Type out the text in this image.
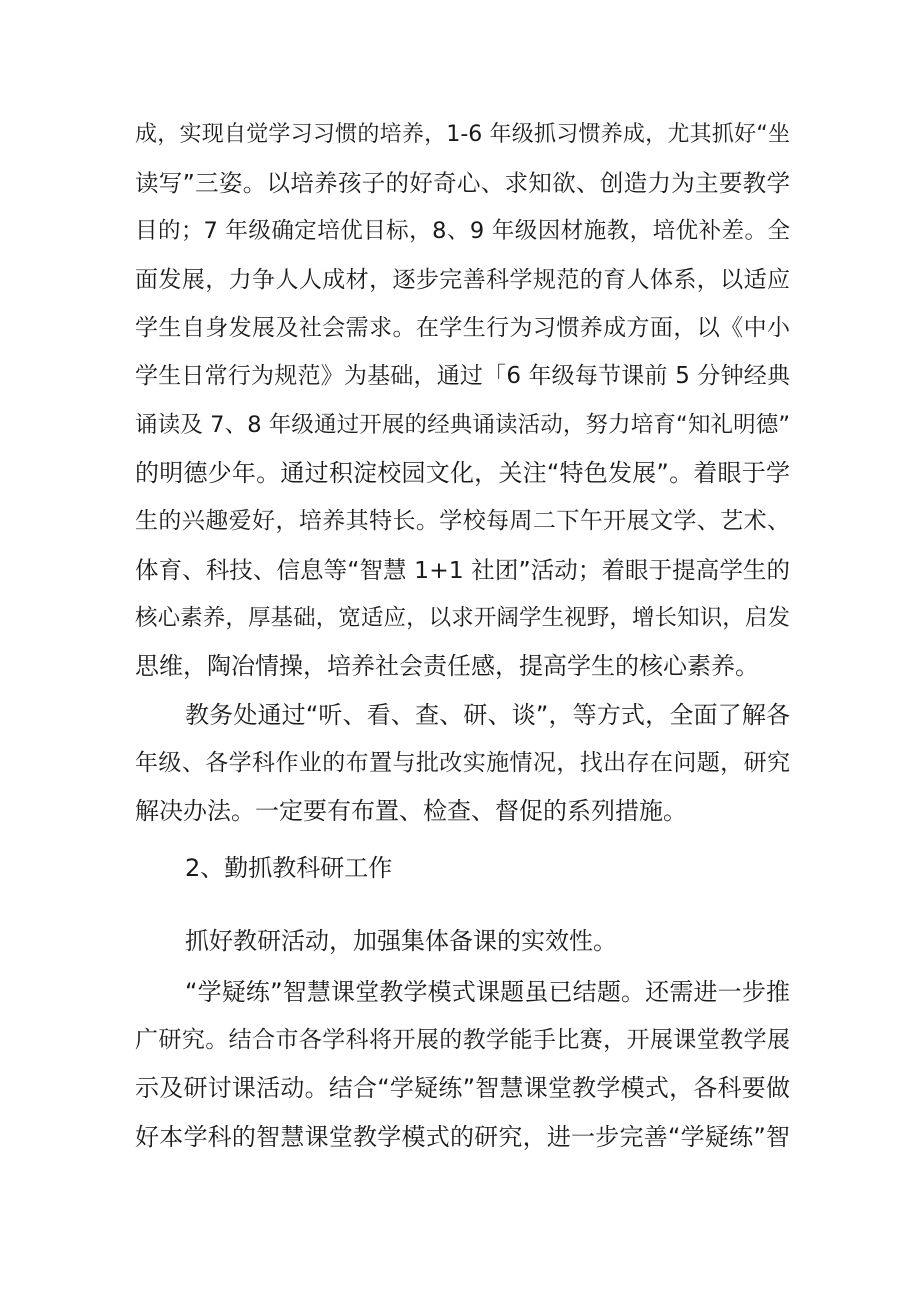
成，实现自觉学习习惯的培养，1-6 年级抓习惯养成，尤其抓好“坐
读写”三姿。以培养孩子的好奇心、求知欲、创造力为主要教学
目的；7 年级确定培优目标，8、9 年级因材施教，培优补差。全
面发展，力争人人成材，逐步完善科学规范的育人体系，以适应
学生自身发展及社会需求。在学生行为习惯养成方面，以《中小
学生日常行为规范》为基础，通过「6 年级每节课前 5 分钟经典
诵读及 7、8 年级通过开展的经典诵读活动，努力培育“知礼明德”
的明德少年。通过积淀校园文化，关注“特色发展”。着眼于学
生的兴趣爱好，培养其特长。学校每周二下午开展文学、艺术、
体育、科技、信息等“智慧 1+1 社团”活动；着眼于提高学生的
核心素养，厚基础，宽适应，以求开阔学生视野，增长知识，启发
思维，陶冶情操，培养社会责任感，提高学生的核心素养。
教务处通过“听、看、查、研、谈”，等方式，全面了解各
年级、各学科作业的布置与批改实施情况，找出存在问题，研究
解决办法。一定要有布置、检查、督促的系列措施。
2、勤抓教科研工作
抓好教研活动，加强集体备课的实效性。
“学疑练”智慧课堂教学模式课题虽已结题。还需进一步推
广研究。结合市各学科将开展的教学能手比赛，开展课堂教学展
示及研讨课活动。结合“学疑练”智慧课堂教学模式，各科要做
好本学科的智慧课堂教学模式的研究，进一步完善“学疑练”智
